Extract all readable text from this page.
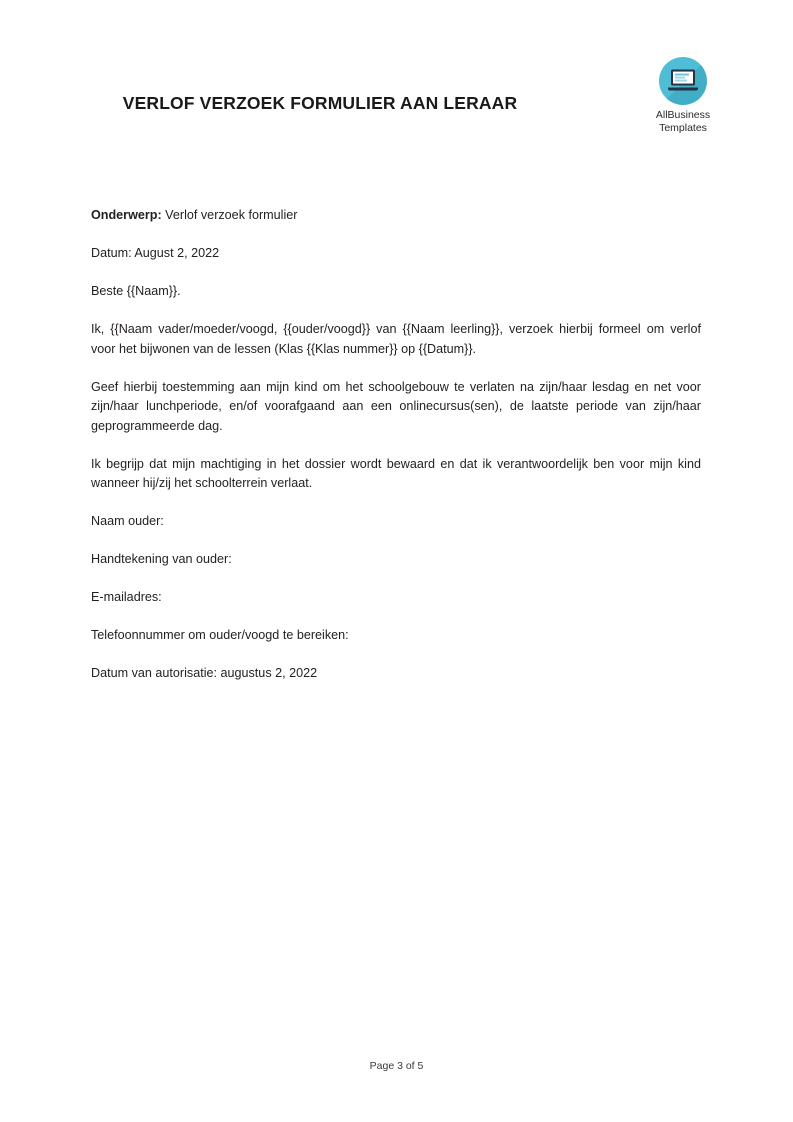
VERLOF VERZOEK FORMULIER AAN LERAAR
AllBusiness
Templates

Onderwerp: Verlof verzoek formulier

Datum: August 2, 2022

Beste {{Naam}}.

Ik, {{Naam vader/moeder/voogd, {{ouder/voogd}} van {{Naam leerling}}, verzoek hierbij formeel om verlof voor het bijwonen van de lessen (Klas {{Klas nummer}} op {{Datum}}.

Geef hierbij toestemming aan mijn kind om het schoolgebouw te verlaten na zijn/haar lesdag en net voor zijn/haar lunchperiode, en/of voorafgaand aan een onlinecursus(sen), de laatste periode van zijn/haar geprogrammeerde dag.

Ik begrijp dat mijn machtiging in het dossier wordt bewaard en dat ik verantwoordelijk ben voor mijn kind wanneer hij/zij het schoolterrein verlaat.

Naam ouder:

Handtekening van ouder:

E-mailadres:

Telefoonnummer om ouder/voogd te bereiken:

Datum van autorisatie: augustus 2, 2022

Page 3 of 5
